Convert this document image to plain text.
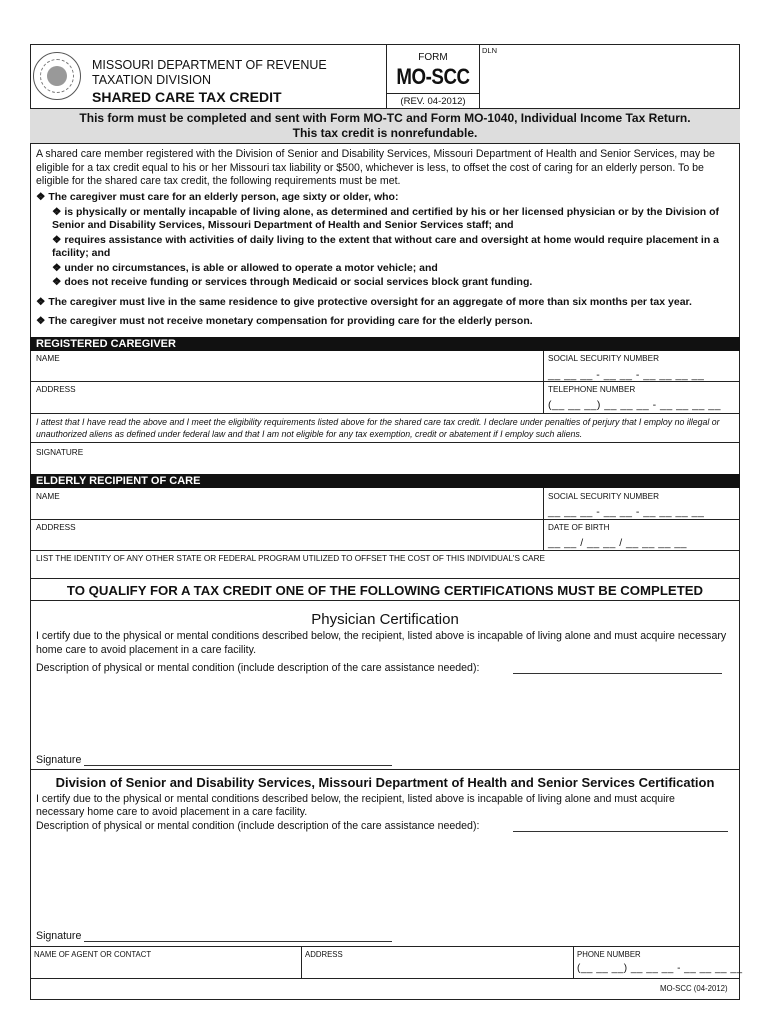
MISSOURI DEPARTMENT OF REVENUE
TAXATION DIVISION
SHARED CARE TAX CREDIT
FORM
MO-SCC
(REV. 04-2012)
DLN
This form must be completed and sent with Form MO-TC and Form MO-1040, Individual Income Tax Return.
This tax credit is nonrefundable.
A shared care member registered with the Division of Senior and Disability Services, Missouri Department of Health and Senior Services, may be eligible for a tax credit equal to his or her Missouri tax liability or $500, whichever is less, to offset the cost of caring for an elderly person. To be eligible for the shared care tax credit, the following requirements must be met.
❖ The caregiver must care for an elderly person, age sixty or older, who:
❖ is physically or mentally incapable of living alone, as determined and certified by his or her licensed physician or by the Division of Senior and Disability Services, Missouri Department of Health and Senior Services staff; and
❖ requires assistance with activities of daily living to the extent that without care and oversight at home would require placement in a facility; and
❖ under no circumstances, is able or allowed to operate a motor vehicle; and
❖ does not receive funding or services through Medicaid or social services block grant funding.
❖ The caregiver must live in the same residence to give protective oversight for an aggregate of more than six months per tax year.
❖ The caregiver must not receive monetary compensation for providing care for the elderly person.
REGISTERED CAREGIVER
NAME	SOCIAL SECURITY NUMBER
__ __ __ - __ __ - __ __ __ __
ADDRESS	TELEPHONE NUMBER
(__ __ __) __ __ __ - __ __ __ __
I attest that I have read the above and I meet the eligibility requirements listed above for the shared care tax credit. I declare under penalties of perjury that I employ no illegal or unauthorized aliens as defined under federal law and that I am not eligible for any tax exemption, credit or abatement if I employ such aliens.
SIGNATURE
ELDERLY RECIPIENT OF CARE
NAME	SOCIAL SECURITY NUMBER
__ __ __ - __ __ - __ __ __ __
ADDRESS	DATE OF BIRTH
__ __ / __ __ / __ __ __ __
LIST THE IDENTITY OF ANY OTHER STATE OR FEDERAL PROGRAM UTILIZED TO OFFSET THE COST OF THIS INDIVIDUAL'S CARE
TO QUALIFY FOR A TAX CREDIT ONE OF THE FOLLOWING CERTIFICATIONS MUST BE COMPLETED
Physician Certification
I certify due to the physical or mental conditions described below, the recipient, listed above is incapable of living alone and must acquire necessary home care to avoid placement in a care facility.
Description of physical or mental condition (include description of the care assistance needed):
Signature
Division of Senior and Disability Services, Missouri Department of Health and Senior Services Certification
I certify due to the physical or mental conditions described below, the recipient, listed above is incapable of living alone and must acquire
necessary home care to avoid placement in a care facility.
Description of physical or mental condition (include description of the care assistance needed):
Signature
NAME OF AGENT OR CONTACT	ADDRESS	PHONE NUMBER
(__ __ __) __ __ __ - __ __ __ __
MO-SCC (04-2012)
